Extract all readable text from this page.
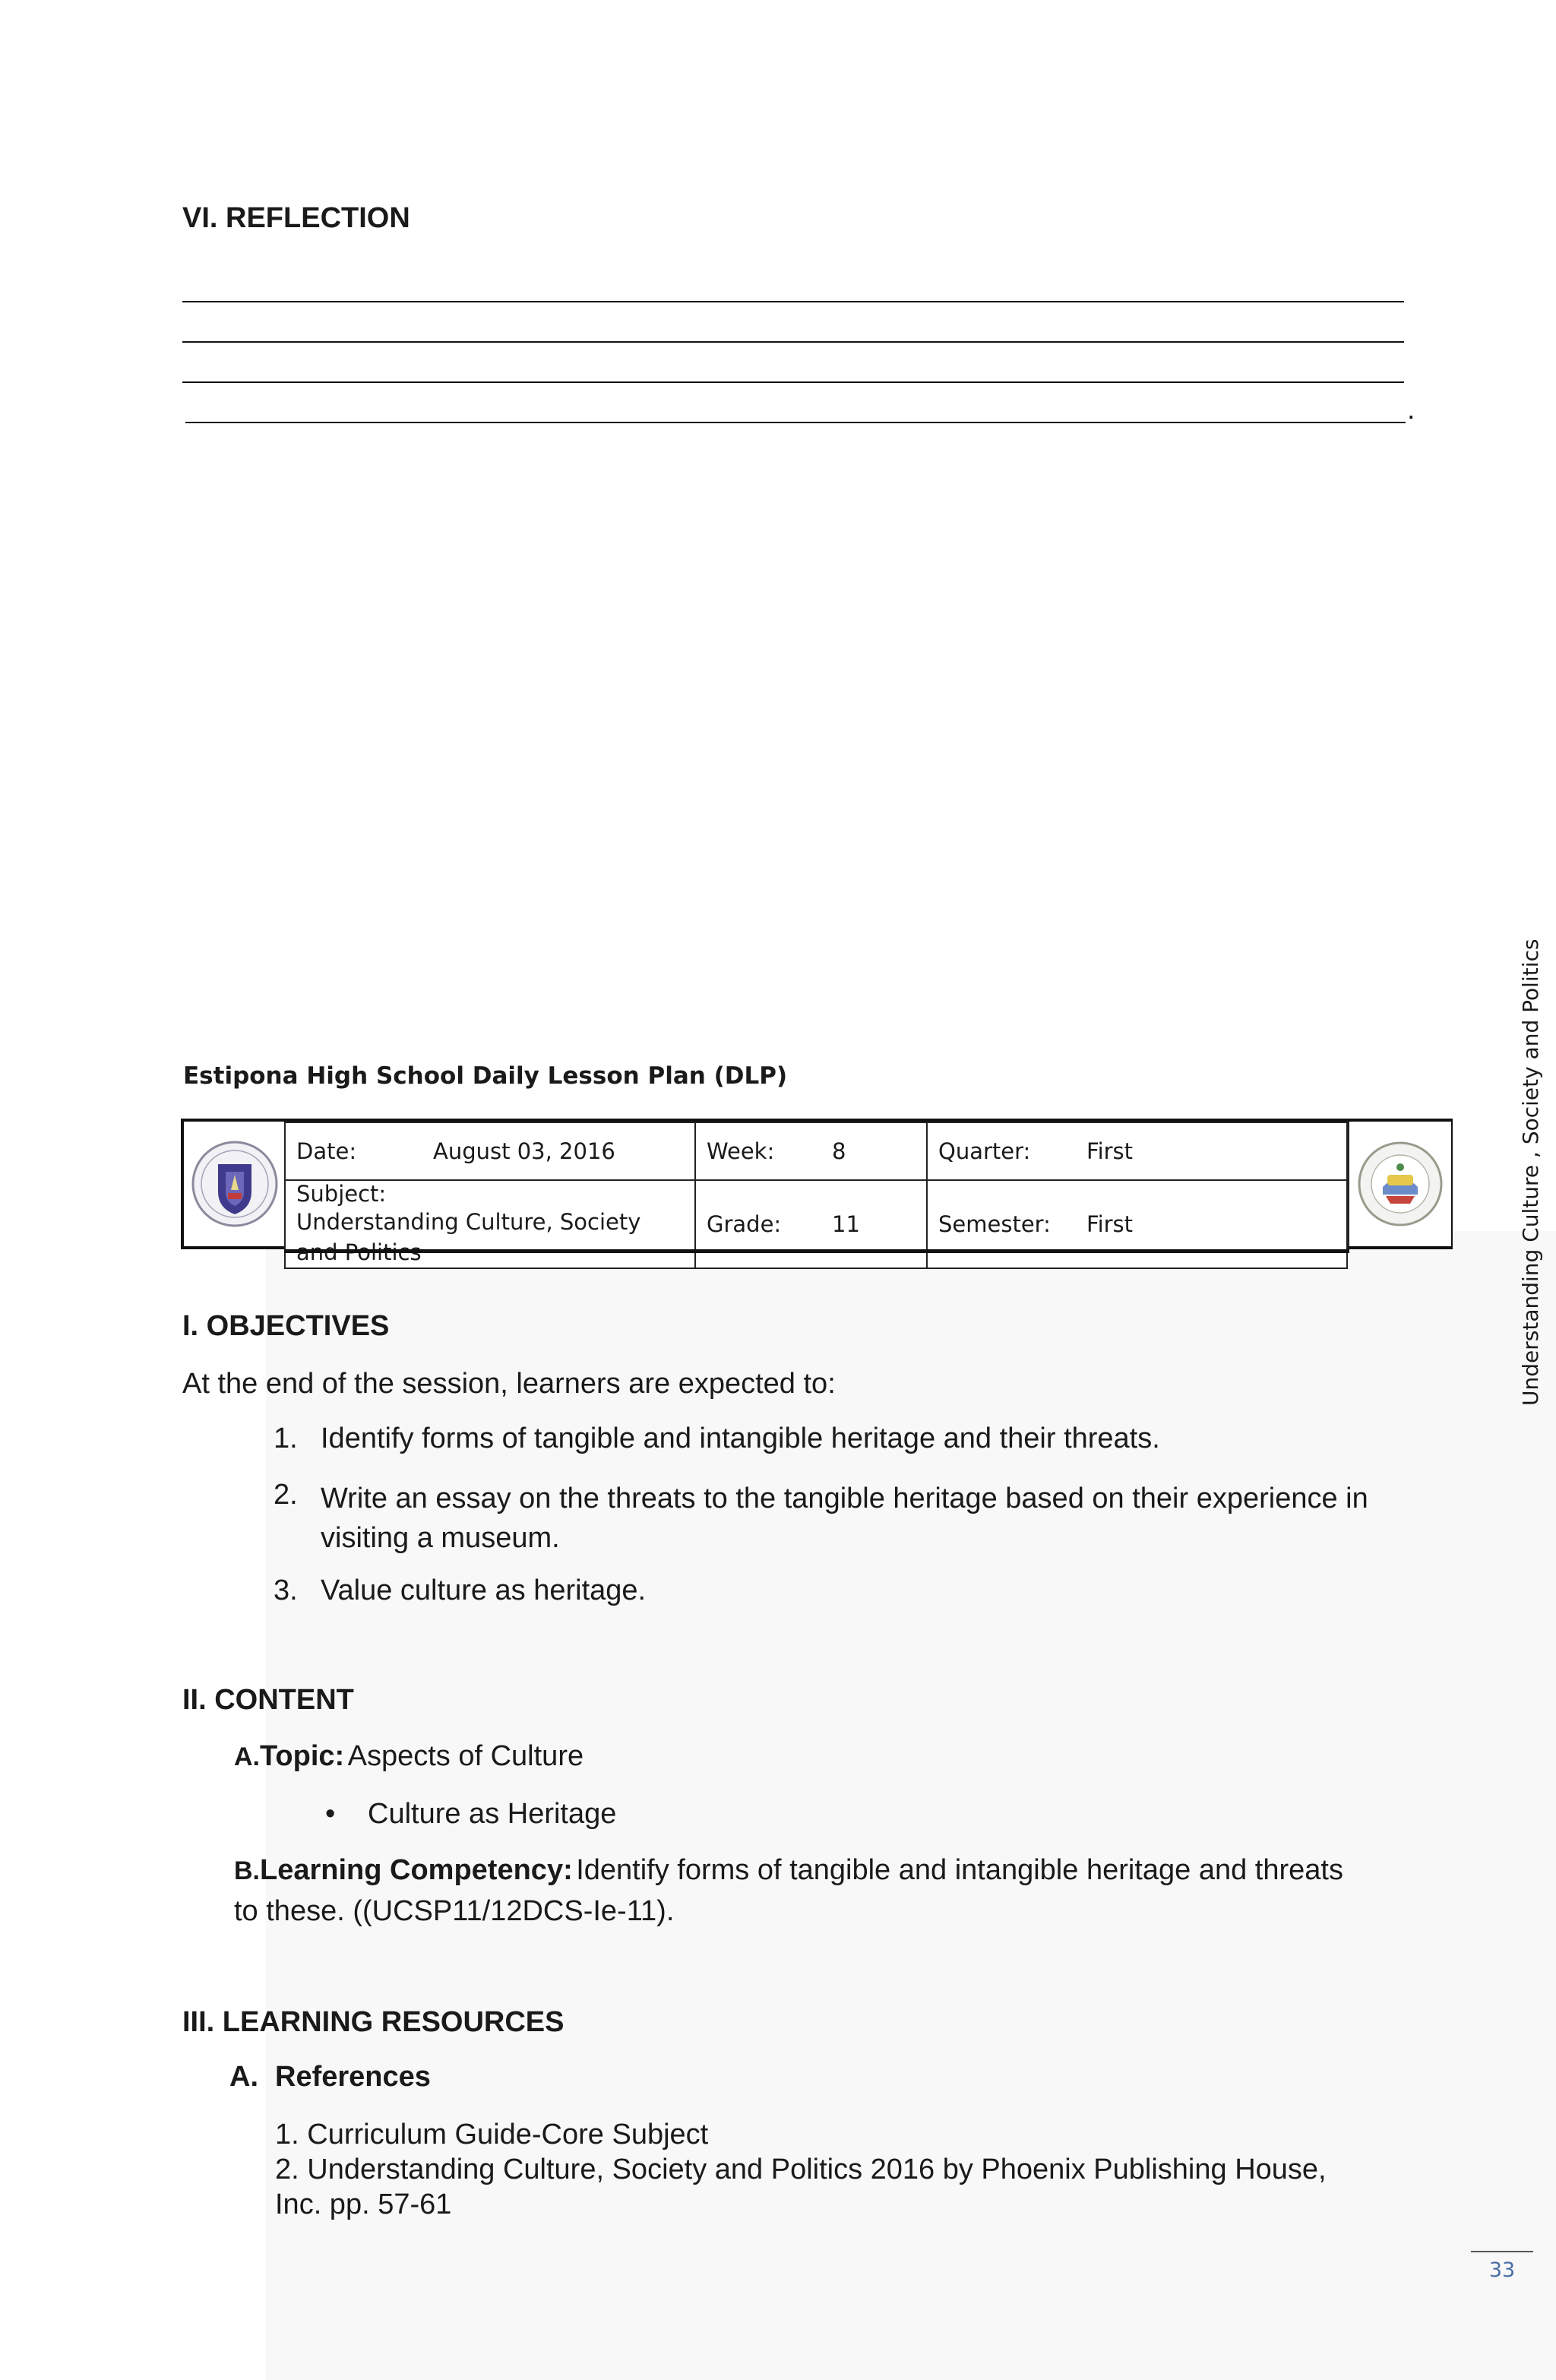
VI. REFLECTION
.
Estipona High School Daily Lesson Plan (DLP)
Date: August 03, 2016	Week: 8	Quarter: First
Subject:Understanding Culture, Society	Grade: 11	Semester: First
I. OBJECTIVES
At the end of the session, learners are expected to:
1. Identify forms of tangible and intangible heritage and their threats.
2. Write an essay on the threats to the tangible heritage based on their experience in visiting a museum.
3. Value culture as heritage.
II. CONTENT
A.Topic: Aspects of Culture
• Culture as Heritage
B.Learning Competency: Identify forms of tangible and intangible heritage and threats
to these. ((UCSP11/12DCS-Ie-11).
III. LEARNING RESOURCES
A. References
1. Curriculum Guide-Core Subject
2. Understanding Culture, Society and Politics 2016 by Phoenix Publishing House,
Inc. pp. 57-61
Understanding Culture , Society and Politics
33
